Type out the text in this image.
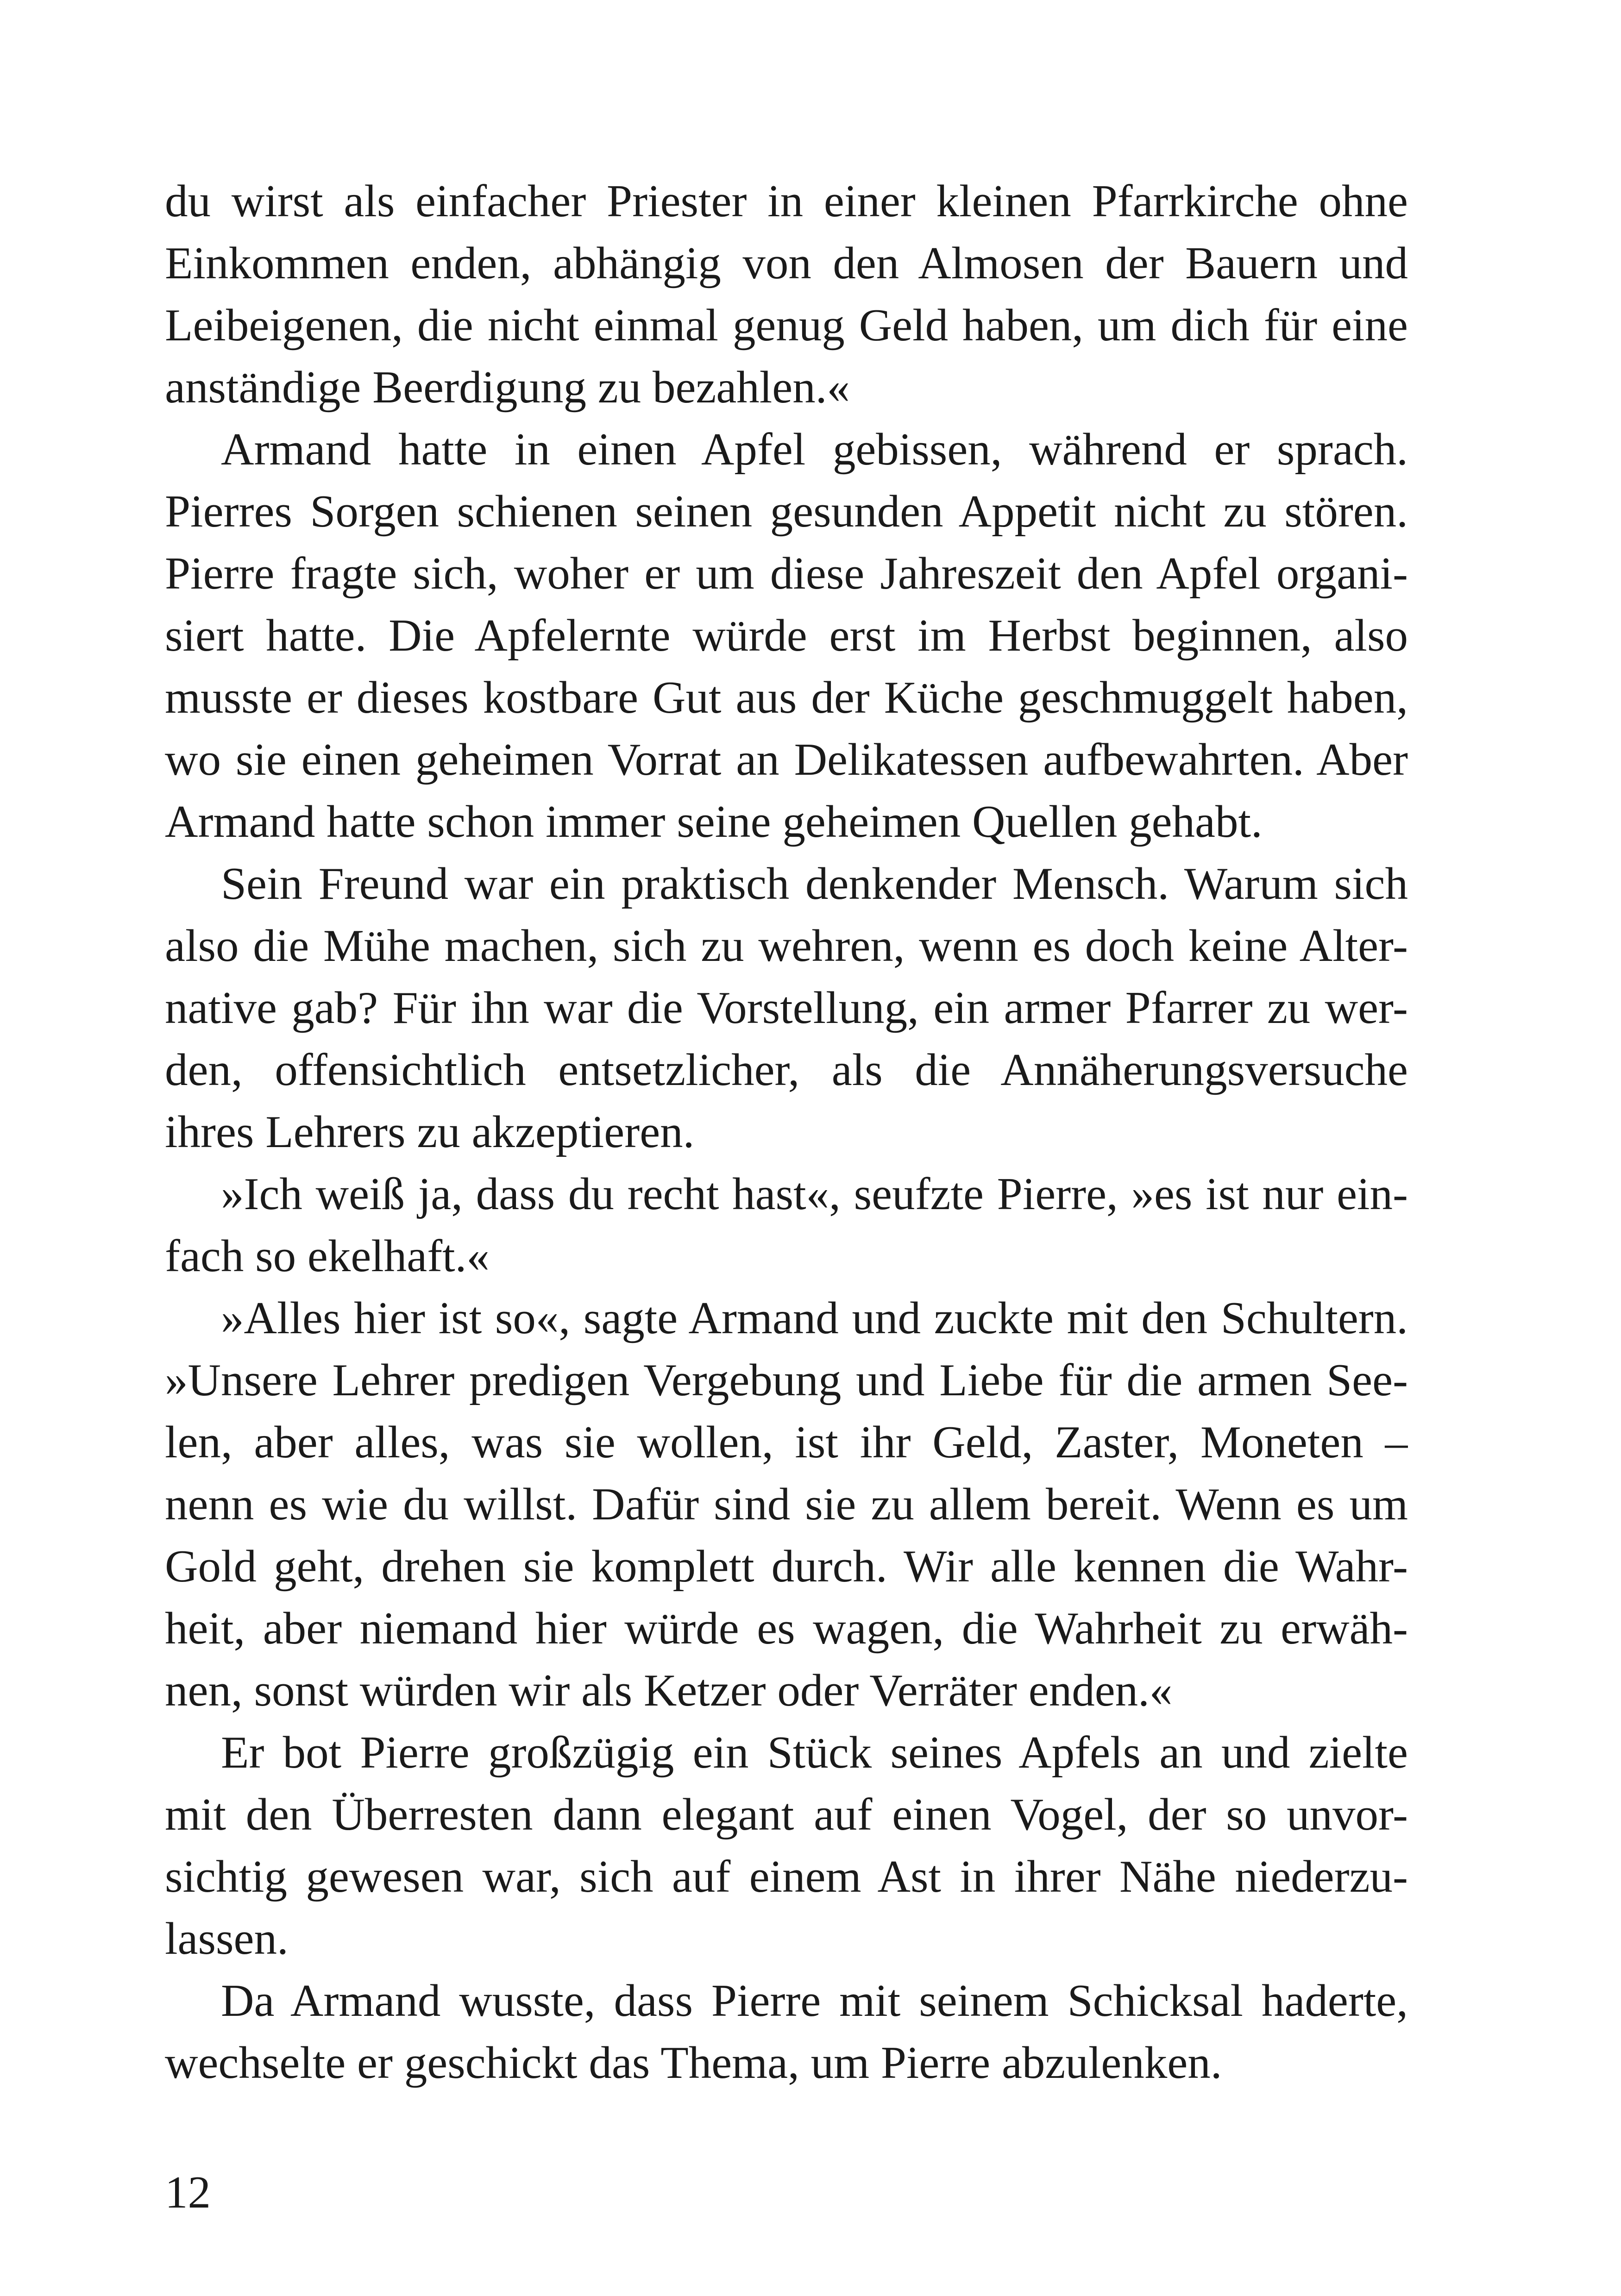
du wirst als einfacher Priester in einer kleinen Pfarrkirche ohne
Einkommen enden, abhängig von den Almosen der Bauern und
Leibeigenen, die nicht einmal genug Geld haben, um dich für eine
anständige Beerdigung zu bezahlen.«
Armand hatte in einen Apfel gebissen, während er sprach.
Pierres Sorgen schienen seinen gesunden Appetit nicht zu stören.
Pierre fragte sich, woher er um diese Jahreszeit den Apfel organi-
siert hatte. Die Apfelernte würde erst im Herbst beginnen, also
musste er dieses kostbare Gut aus der Küche geschmuggelt haben,
wo sie einen geheimen Vorrat an Delikatessen aufbewahrten. Aber
Armand hatte schon immer seine geheimen Quellen gehabt.
Sein Freund war ein praktisch denkender Mensch. Warum sich
also die Mühe machen, sich zu wehren, wenn es doch keine Alter-
native gab? Für ihn war die Vorstellung, ein armer Pfarrer zu wer-
den, offensichtlich entsetzlicher, als die Annäherungsversuche
ihres Lehrers zu akzeptieren.
»Ich weiß ja, dass du recht hast«, seufzte Pierre, »es ist nur ein-
fach so ekelhaft.«
»Alles hier ist so«, sagte Armand und zuckte mit den Schultern.
»Unsere Lehrer predigen Vergebung und Liebe für die armen See-
len, aber alles, was sie wollen, ist ihr Geld, Zaster, Moneten –
nenn es wie du willst. Dafür sind sie zu allem bereit. Wenn es um
Gold geht, drehen sie komplett durch. Wir alle kennen die Wahr-
heit, aber niemand hier würde es wagen, die Wahrheit zu erwäh-
nen, sonst würden wir als Ketzer oder Verräter enden.«
Er bot Pierre großzügig ein Stück seines Apfels an und zielte
mit den Überresten dann elegant auf einen Vogel, der so unvor-
sichtig gewesen war, sich auf einem Ast in ihrer Nähe niederzu-
lassen.
Da Armand wusste, dass Pierre mit seinem Schicksal haderte,
wechselte er geschickt das Thema, um Pierre abzulenken.
12
